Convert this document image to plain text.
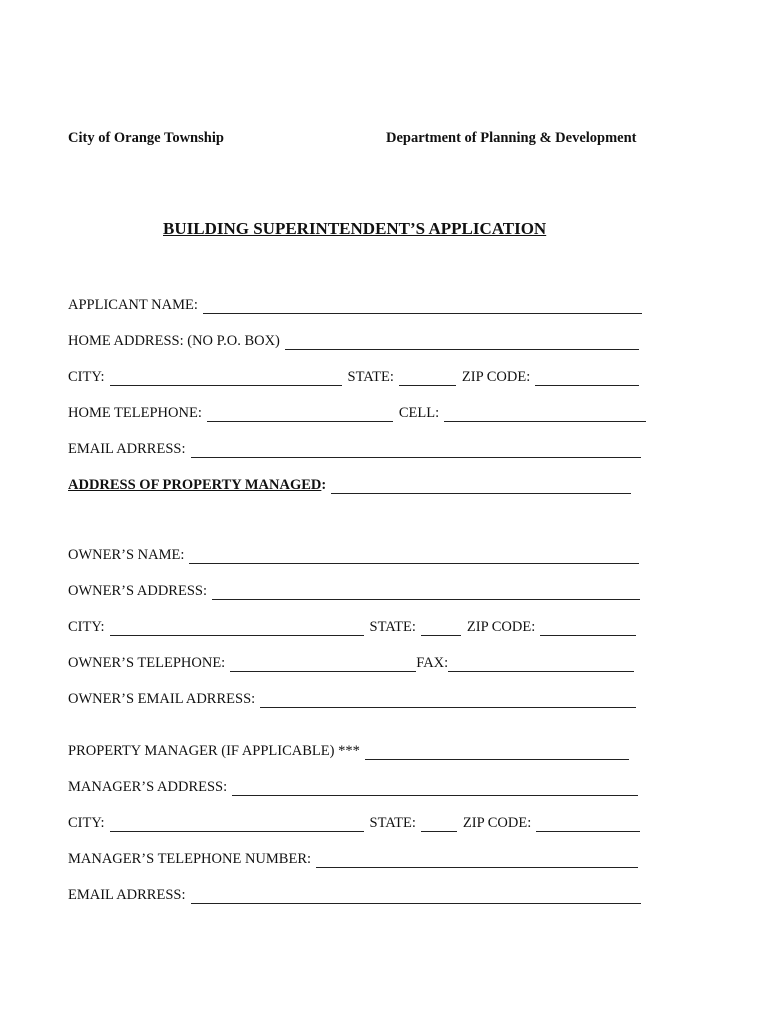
City of Orange Township	Department of Planning & Development
BUILDING SUPERINTENDENT’S APPLICATION
APPLICANT NAME:
HOME ADDRESS: (NO P.O. BOX)
CITY:	STATE:	ZIP CODE:
HOME TELEPHONE:	CELL:
EMAIL ADRRESS:
ADDRESS OF PROPERTY MANAGED :
OWNER’S NAME:
OWNER’S ADDRESS:
CITY:	STATE:	ZIP CODE:
OWNER’S TELEPHONE:	FAX:
OWNER’S EMAIL ADRRESS:
PROPERTY MANAGER (IF APPLICABLE) ***
MANAGER’S ADDRESS:
CITY:	STATE:	ZIP CODE:
MANAGER’S TELEPHONE NUMBER:
EMAIL ADRRESS:
